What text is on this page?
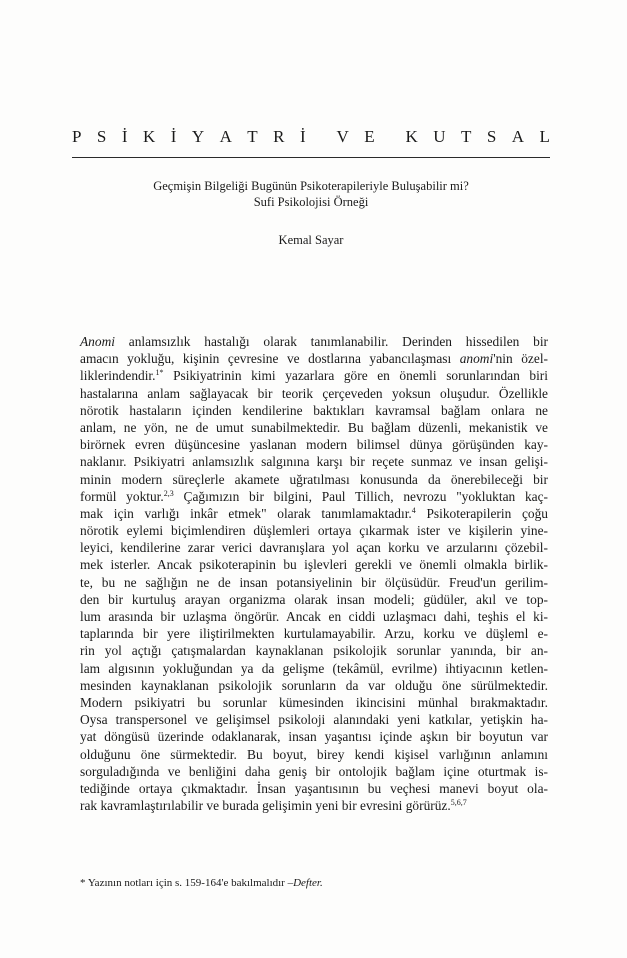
P S İ K İ Y A T R İ V E K U T S A L
Geçmişin Bilgeliği Bugünün Psikoterapileriyle Buluşabilir mi?
Sufi Psikolojisi Örneği
Kemal Sayar
Anomi anlamsızlık hastalığı olarak tanımlanabilir. Derinden hissedilen bir
amacın yokluğu, kişinin çevresine ve dostlarına yabancılaşması anomi'nin özel-
liklerindendir.$^{1*}$ Psikiyatrinin kimi yazarlara göre en önemli sorunlarından biri
hastalarına anlam sağlayacak bir teorik çerçeveden yoksun oluşudur. Özellikle
nörotik hastaların içinden kendilerine baktıkları kavramsal bağlam onlara ne
anlam, ne yön, ne de umut sunabilmektedir. Bu bağlam düzenli, mekanistik ve
birörnek evren düşüncesine yaslanan modern bilimsel dünya görüşünden kay-
naklanır. Psikiyatri anlamsızlık salgınına karşı bir reçete sunmaz ve insan gelişi-
minin modern süreçlerle akamete uğratılması konusunda da önerebileceği bir
formül yoktur.$^{2,3}$ Çağımızın bir bilgini, Paul Tillich, nevrozu "yokluktan kaç-
mak için varlığı inkâr etmek" olarak tanımlamaktadır.$^4$ Psikoterapilerin çoğu
nörotik eylemi biçimlendiren düşlemleri ortaya çıkarmak ister ve kişilerin yine-
leyici, kendilerine zarar verici davranışlara yol açan korku ve arzularını çözebil-
mek isterler. Ancak psikoterapinin bu işlevleri gerekli ve önemli olmakla birlik-
te, bu ne sağlığın ne de insan potansiyelinin bir ölçüsüdür. Freud'un gerilim-
den bir kurtuluş arayan organizma olarak insan modeli; güdüler, akıl ve top-
lum arasında bir uzlaşma öngörür. Ancak en ciddi uzlaşmacı dahi, teşhis el ki-
taplarında bir yere iliştirilmekten kurtulamayabilir. Arzu, korku ve düşleml e-
rin yol açtığı çatışmalardan kaynaklanan psikolojik sorunlar yanında, bir an-
lam algısının yokluğundan ya da gelişme (tekâmül, evrilme) ihtiyacının ketlen-
mesinden kaynaklanan psikolojik sorunların da var olduğu öne sürülmektedir.
Modern psikiyatri bu sorunlar kümesinden ikincisini münhal bırakmaktadır.
Oysa transpersonel ve gelişimsel psikoloji alanındaki yeni katkılar, yetişkin ha-
yat döngüsü üzerinde odaklanarak, insan yaşantısı içinde aşkın bir boyutun var
olduğunu öne sürmektedir. Bu boyut, birey kendi kişisel varlığının anlamını
sorguladığında ve benliğini daha geniş bir ontolojik bağlam içine oturtmak is-
tediğinde ortaya çıkmaktadır. İnsan yaşantısının bu veçhesi manevi boyut ola-
rak kavramlaştırılabilir ve burada gelişimin yeni bir evresini görürüz.$^{5,6,7}$
* Yazının notları için s. 159-164'e bakılmalıdır –Defter.
